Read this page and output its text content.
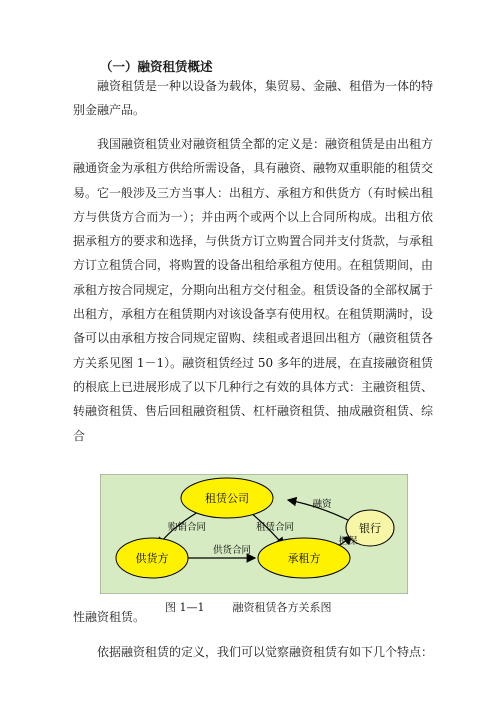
（一）融资租赁概述

融资租赁是一种以设备为载体，集贸易、金融、租借为一体的特别金融产品。

我国融资租赁业对融资租赁全都的定义是：融资租赁是由出租方融通资金为承租方供给所需设备，具有融资、融物双重职能的租赁交易。它一般涉及三方当事人：出租方、承租方和供货方（有时候出租方与供货方合而为一）；并由两个或两个以上合同所构成。出租方依据承租方的要求和选择，与供货方订立购置合同并支付货款，与承租方订立租赁合同，将购置的设备出租给承租方使用。在租赁期间，由承租方按合同规定，分期向出租方交付租金。租赁设备的全部权属于出租方，承租方在租赁期内对该设备享有使用权。在租赁期满时，设备可以由承租方按合同规定留购、续租或者退回出租方（融资租赁各方关系见图 1－1）。融资租赁经过 50 多年的进展，在直接融资租赁的根底上已进展形成了以下几种行之有效的具体方式：主融资租赁、转融资租赁、售后回租融资租赁、杠杆融资租赁、抽成融资租赁、综合

租赁公司
供货方	承租方
银行
购销合同	租赁合同
供货合同
融资
担保
图 1—1	融资租赁各方关系图

性融资租赁。

依据融资租赁的定义，我们可以觉察融资租赁有如下几个特点：
